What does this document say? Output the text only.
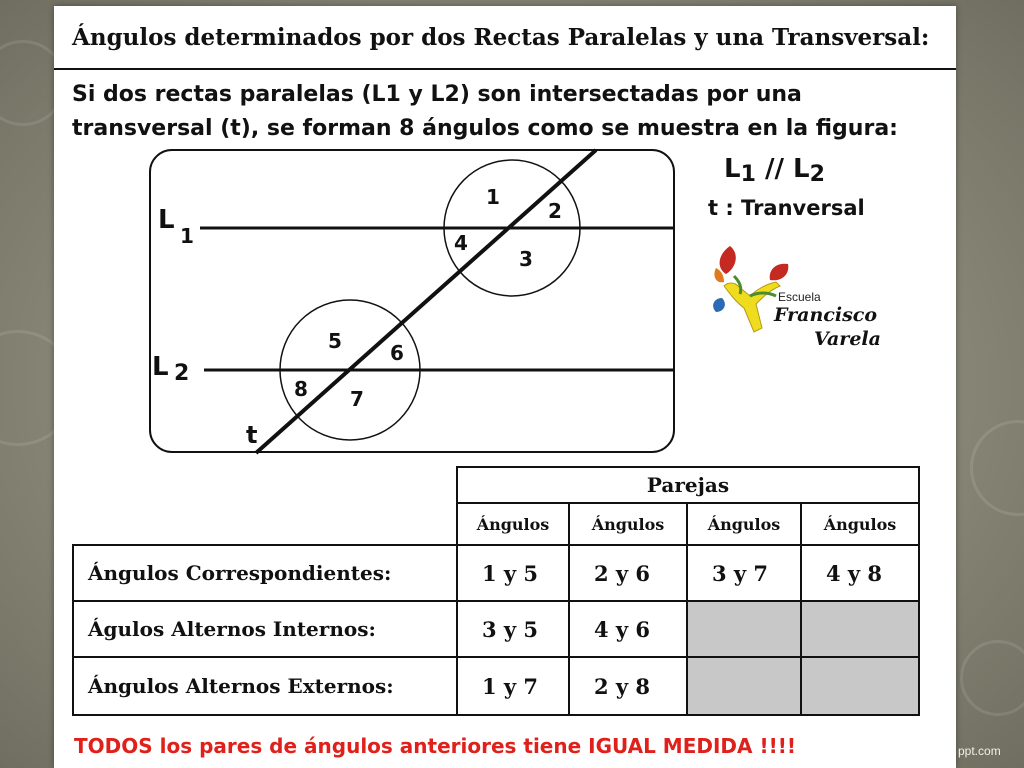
Ángulos determinados por dos Rectas Paralelas y una Transversal:
Si dos rectas paralelas (L1 y L2) son intersectadas por una transversal (t), se forman 8 ángulos como se muestra en la figura:
L
1
L 2
t
1
2
3
4
5 6
7
8
$L_1 // L_2$
t : Tranversal
Escuela
Francisco
Varela
	Parejas			
	Ángulos	Ángulos	Ángulos	Ángulos
Ángulos Correspondientes:	1 y 5	2 y 6	3 y 7	4 y 8
Águlos Alternos Internos:	3 y 5	4 y 6		
Ángulos Alternos Externos:	1 y 7	2 y 8		
TODOS los pares de ángulos anteriores tiene IGUAL MEDIDA !!!!	ppt.com
